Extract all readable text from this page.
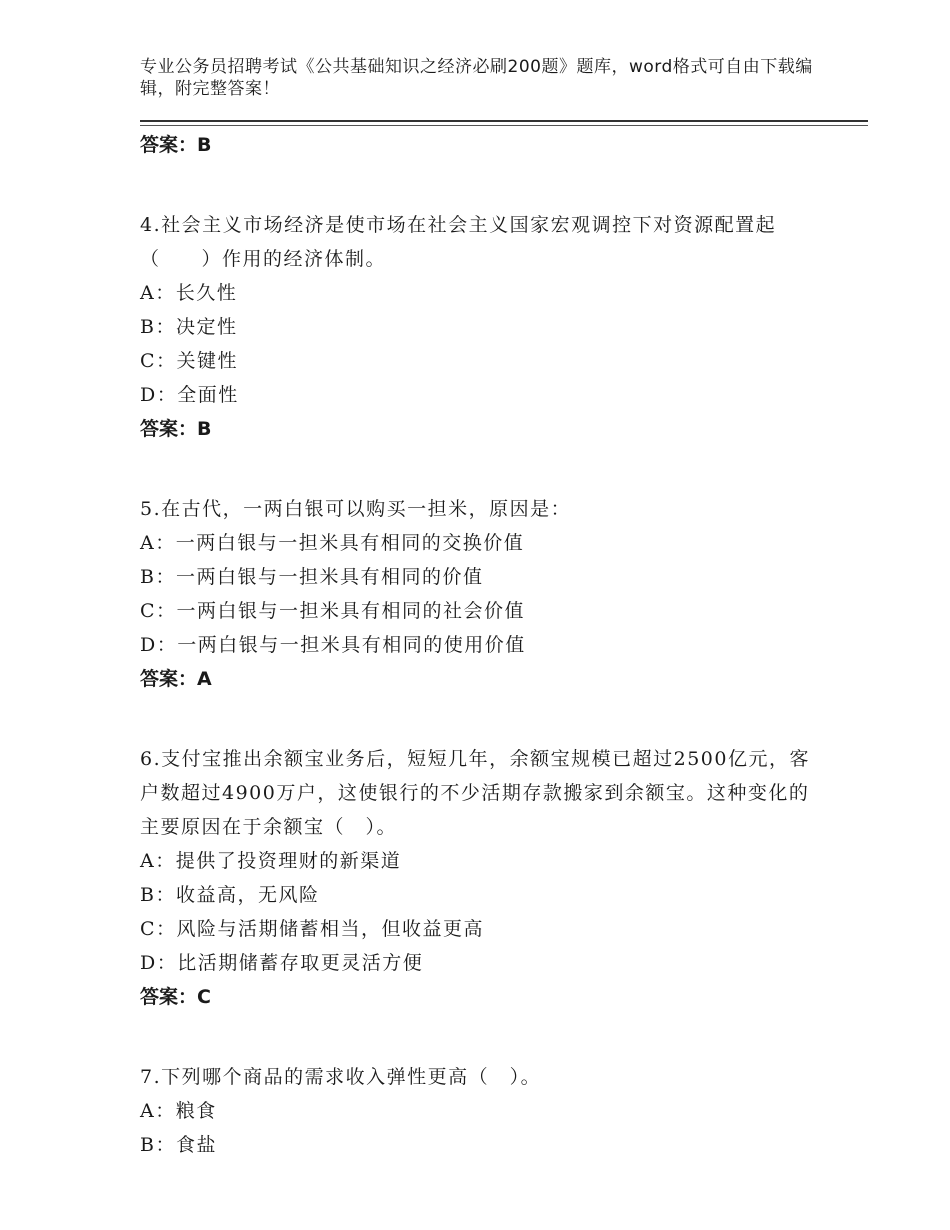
专业公务员招聘考试《公共基础知识之经济必刷200题》题库，word格式可自由下载编辑，附完整答案！
答案：B
4.社会主义市场经济是使市场在社会主义国家宏观调控下对资源配置起（　　）作用的经济体制。
A：长久性
B：决定性
C：关键性
D：全面性
答案：B
5.在古代，一两白银可以购买一担米，原因是：
A：一两白银与一担米具有相同的交换价值
B：一两白银与一担米具有相同的价值
C：一两白银与一担米具有相同的社会价值
D：一两白银与一担米具有相同的使用价值
答案：A
6.支付宝推出余额宝业务后，短短几年，余额宝规模已超过2500亿元，客户数超过4900万户，这使银行的不少活期存款搬家到余额宝。这种变化的主要原因在于余额宝（　）。
A：提供了投资理财的新渠道
B：收益高，无风险
C：风险与活期储蓄相当，但收益更高
D：比活期储蓄存取更灵活方便
答案：C
7.下列哪个商品的需求收入弹性更高（　）。
A：粮食
B：食盐
